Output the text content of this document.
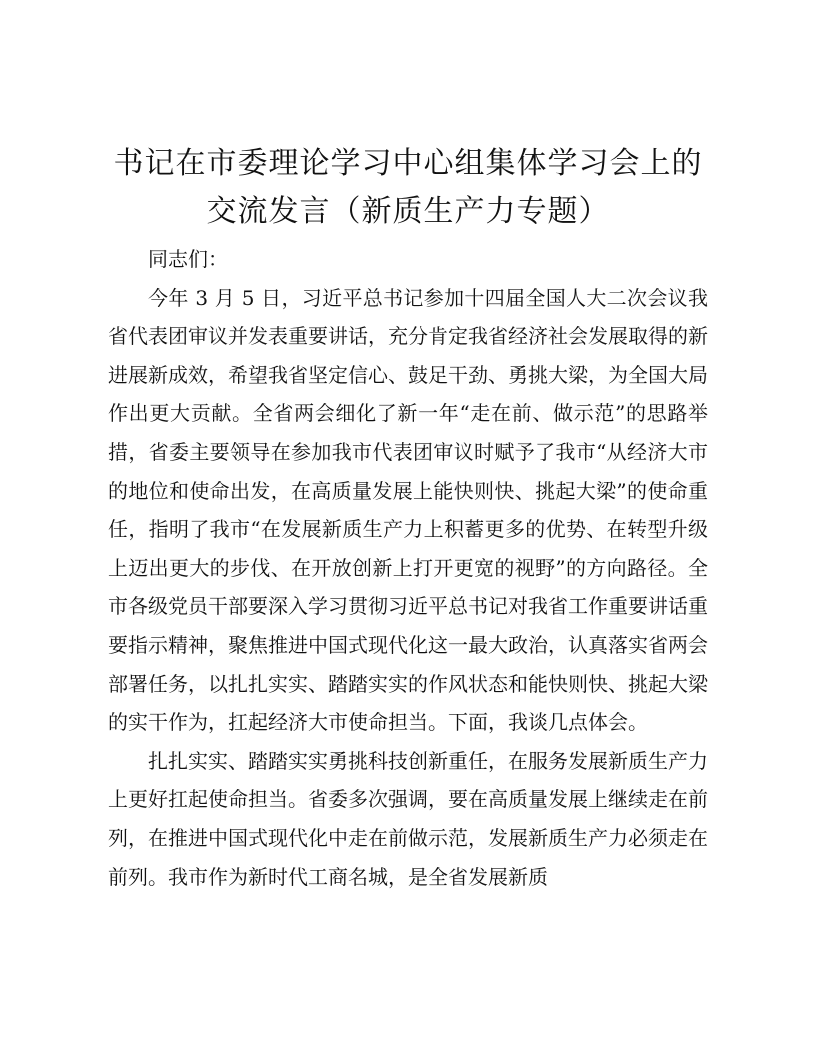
书记在市委理论学习中心组集体学习会上的交流发言（新质生产力专题）

同志们：

今年 3 月 5 日，习近平总书记参加十四届全国人大二次会议我省代表团审议并发表重要讲话，充分肯定我省经济社会发展取得的新进展新成效，希望我省坚定信心、鼓足干劲、勇挑大梁，为全国大局作出更大贡献。全省两会细化了新一年“走在前、做示范”的思路举措，省委主要领导在参加我市代表团审议时赋予了我市“从经济大市的地位和使命出发，在高质量发展上能快则快、挑起大梁”的使命重任，指明了我市“在发展新质生产力上积蓄更多的优势、在转型升级上迈出更大的步伐、在开放创新上打开更宽的视野”的方向路径。全市各级党员干部要深入学习贯彻习近平总书记对我省工作重要讲话重要指示精神，聚焦推进中国式现代化这一最大政治，认真落实省两会部署任务，以扎扎实实、踏踏实实的作风状态和能快则快、挑起大梁的实干作为，扛起经济大市使命担当。下面，我谈几点体会。

扎扎实实、踏踏实实勇挑科技创新重任，在服务发展新质生产力上更好扛起使命担当。省委多次强调，要在高质量发展上继续走在前列，在推进中国式现代化中走在前做示范，发展新质生产力必须走在前列。我市作为新时代工商名城，是全省发展新质
